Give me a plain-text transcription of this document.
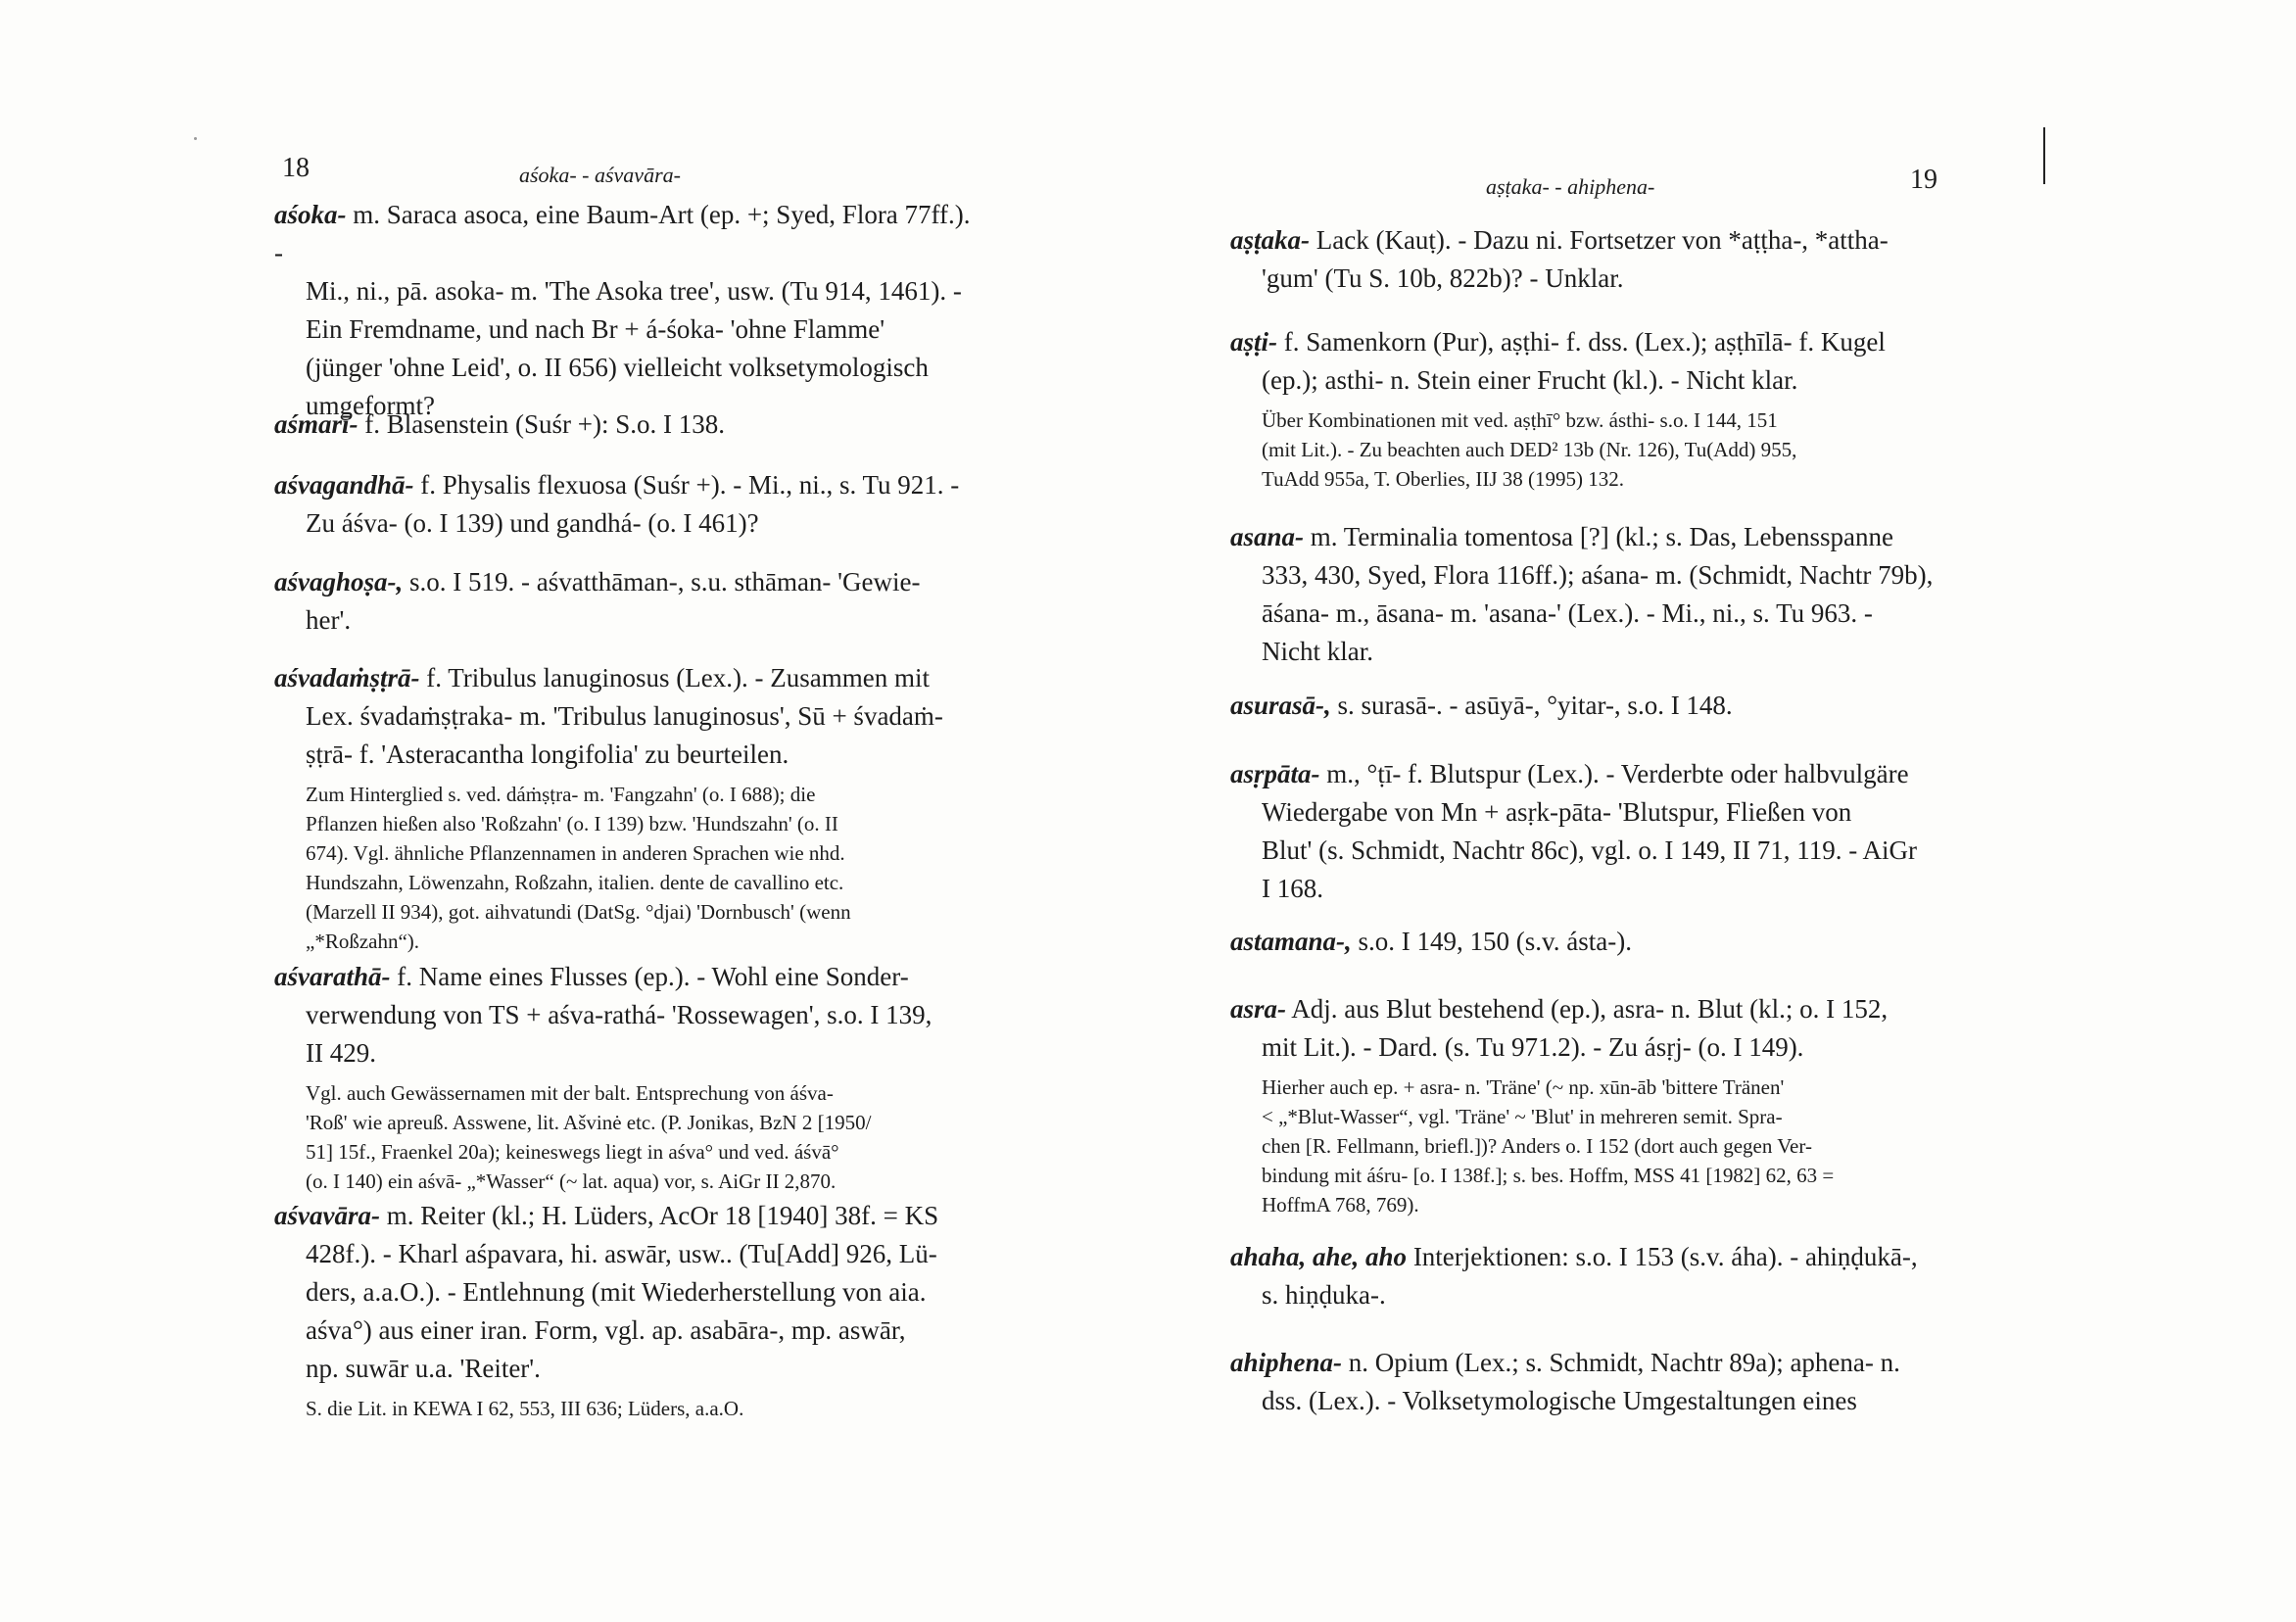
18	aśoka- - aśvavāra-

aśoka- m. Saraca asoca, eine Baum-Art (ep. +; Syed, Flora 77ff.). -

Mi., ni., pā. asoka- m. 'The Asoka tree', usw. (Tu 914, 1461). -

Ein Fremdname, und nach Br + á-śoka- 'ohne Flamme'

(jünger 'ohne Leid', o. II 656) vielleicht volksetymologisch

umgeformt?

aśmarī- f. Blasenstein (Suśr +): S.o. I 138.

aśvagandhā- f. Physalis flexuosa (Suśr +). - Mi., ni., s. Tu 921. -

Zu áśva- (o. I 139) und gandhá- (o. I 461)?

aśvaghoṣa-, s.o. I 519. - aśvatthāman-, s.u. sthāman- 'Gewie-

her'.

aśvadaṁṣṭrā- f. Tribulus lanuginosus (Lex.). - Zusammen mit

Lex. śvadaṁṣṭraka- m. 'Tribulus lanuginosus', Sū + śvadaṁ-

ṣṭrā- f. 'Asteracantha longifolia' zu beurteilen.

Zum Hinterglied s. ved. dáṁṣṭra- m. 'Fangzahn' (o. I 688); die
Pflanzen hießen also 'Roßzahn' (o. I 139) bzw. 'Hundszahn' (o. II
674). Vgl. ähnliche Pflanzennamen in anderen Sprachen wie nhd.
Hundszahn, Löwenzahn, Roßzahn, italien. dente de cavallino etc.
(Marzell II 934), got. aihvatundi (DatSg. °djai) 'Dornbusch' (wenn
„*Roßzahn“).

aśvarathā- f. Name eines Flusses (ep.). - Wohl eine Sonder-

verwendung von TS + aśva-rathá- 'Rossewagen', s.o. I 139,

II 429.

Vgl. auch Gewässernamen mit der balt. Entsprechung von áśva-
'Roß' wie apreuß. Asswene, lit. Ašvinė etc. (P. Jonikas, BzN 2 [1950/
51] 15f., Fraenkel 20a); keineswegs liegt in aśva° und ved. áśvā°
(o. I 140) ein aśvā- „*Wasser“ (~ lat. aqua) vor, s. AiGr II 2,870.

aśvavāra- m. Reiter (kl.; H. Lüders, AcOr 18 [1940] 38f. = KS

428f.). - Kharl aśpavara, hi. aswār, usw.. (Tu[Add] 926, Lü-

ders, a.a.O.). - Entlehnung (mit Wiederherstellung von aia.

aśva°) aus einer iran. Form, vgl. ap. asabāra-, mp. aswār,

np. suwār u.a. 'Reiter'.

S. die Lit. in KEWA I 62, 553, III 636; Lüders, a.a.O.
aṣṭaka- - ahiphena-	19

aṣṭaka- Lack (Kauṭ). - Dazu ni. Fortsetzer von *aṭṭha-, *attha-

'gum' (Tu S. 10b, 822b)? - Unklar.

aṣṭi- f. Samenkorn (Pur), aṣṭhi- f. dss. (Lex.); aṣṭhīlā- f. Kugel

(ep.); asthi- n. Stein einer Frucht (kl.). - Nicht klar.

Über Kombinationen mit ved. aṣṭhī° bzw. ásthi- s.o. I 144, 151
(mit Lit.). - Zu beachten auch DED² 13b (Nr. 126), Tu(Add) 955,
TuAdd 955a, T. Oberlies, IIJ 38 (1995) 132.

asana- m. Terminalia tomentosa [?] (kl.; s. Das, Lebensspanne

333, 430, Syed, Flora 116ff.); aśana- m. (Schmidt, Nachtr 79b),

āśana- m., āsana- m. 'asana-' (Lex.). - Mi., ni., s. Tu 963. -

Nicht klar.

asurasā-, s. surasā-. - asūyā-, °yitar-, s.o. I 148.

asṛpāta- m., °ṭī- f. Blutspur (Lex.). - Verderbte oder halbvulgäre

Wiedergabe von Mn + asṛk-pāta- 'Blutspur, Fließen von

Blut' (s. Schmidt, Nachtr 86c), vgl. o. I 149, II 71, 119. - AiGr

I 168.

astamana-, s.o. I 149, 150 (s.v. ásta-).

asra- Adj. aus Blut bestehend (ep.), asra- n. Blut (kl.; o. I 152,

mit Lit.). - Dard. (s. Tu 971.2). - Zu ásṛj- (o. I 149).

Hierher auch ep. + asra- n. 'Träne' (~ np. xūn-āb 'bittere Tränen'
< „*Blut-Wasser“, vgl. 'Träne' ~ 'Blut' in mehreren semit. Spra-
chen [R. Fellmann, briefl.])? Anders o. I 152 (dort auch gegen Ver-
bindung mit áśru- [o. I 138f.]; s. bes. Hoffm, MSS 41 [1982] 62, 63 =
HoffmA 768, 769).

ahaha, ahe, aho Interjektionen: s.o. I 153 (s.v. áha). - ahiṇḍukā-,

s. hiṇḍuka-.

ahiphena- n. Opium (Lex.; s. Schmidt, Nachtr 89a); aphena- n.

dss. (Lex.). - Volksetymologische Umgestaltungen eines
